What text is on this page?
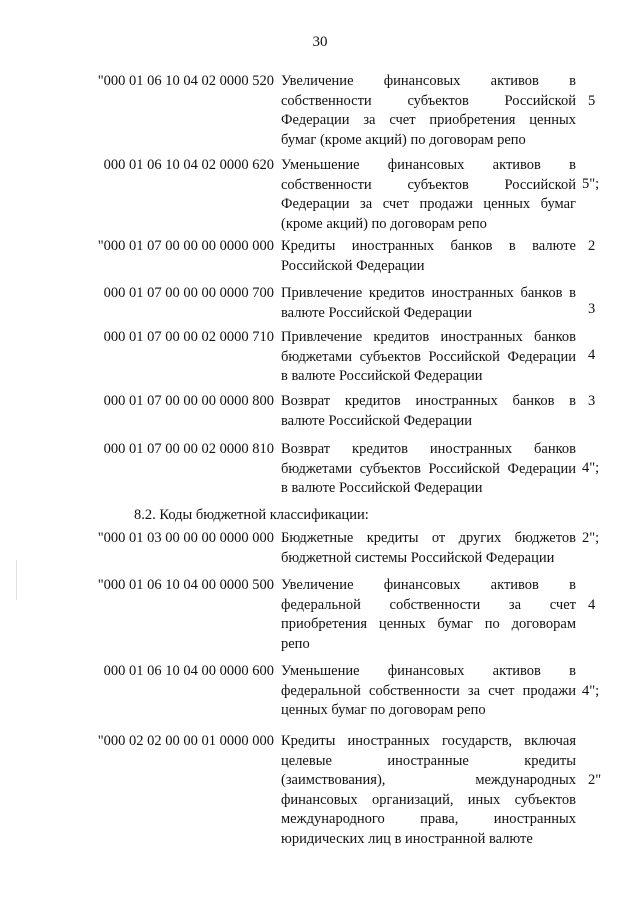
30
"000 01 06 10 04 02 0000 520 Увеличение финансовых активов в
собственности субъектов Российской
Федерации за счет приобретения ценных
бумаг (кроме акций) по договорам репо
5
000 01 06 10 04 02 0000 620 Уменьшение финансовых активов в
собственности субъектов Российской
Федерации за счет продажи ценных бумаг
(кроме акций) по договорам репо
5";
"000 01 07 00 00 00 0000 000 Кредиты иностранных банков в валюте
Российской Федерации
2
000 01 07 00 00 00 0000 700 Привлечение кредитов иностранных банков в
валюте Российской Федерации	3
000 01 07 00 00 02 0000 710 Привлечение кредитов иностранных банков
бюджетами субъектов Российской Федерации
в валюте Российской Федерации
4
000 01 07 00 00 00 0000 800 Возврат кредитов иностранных банков в
валюте Российской Федерации
3
000 01 07 00 00 02 0000 810 Возврат кредитов иностранных банков
бюджетами субъектов Российской Федерации
в валюте Российской Федерации
4";
8.2. Коды бюджетной классификации:
"000 01 03 00 00 00 0000 000 Бюджетные кредиты от других бюджетов
бюджетной системы Российской Федерации
2";
"000 01 06 10 04 00 0000 500 Увеличение финансовых активов в
федеральной собственности за счет
приобретения ценных бумаг по договорам
репо
4
000 01 06 10 04 00 0000 600 Уменьшение финансовых активов в
федеральной собственности за счет продажи
ценных бумаг по договорам репо
4";
"000 02 02 00 00 01 0000 000 Кредиты иностранных государств, включая
целевые иностранные кредиты
(заимствования), международных
финансовых организаций, иных субъектов
международного права, иностранных
юридических лиц в иностранной валюте
2"
